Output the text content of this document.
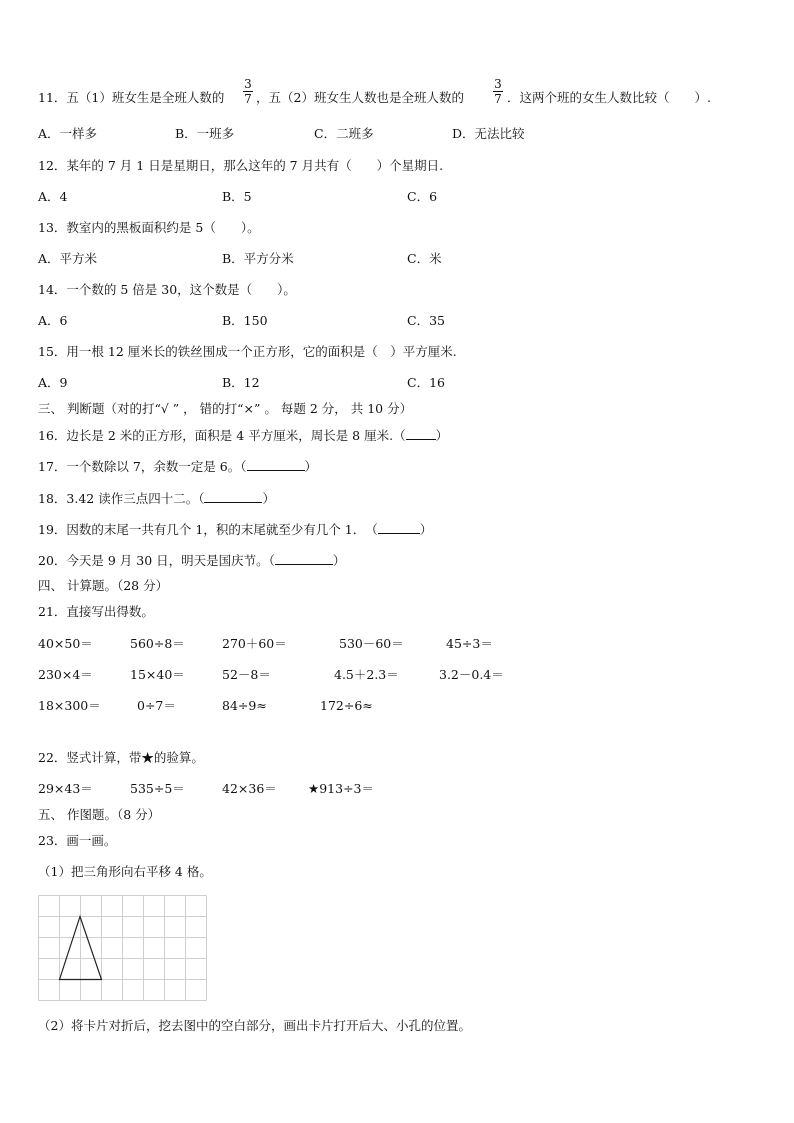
11．五（1）班女生是全班人数的
3
7 ，五（2）班女生人数也是全班人数的
3
7 ．这两个班的女生人数比较（　　）.
A．一样多	B．一班多	C．二班多	D．无法比较
12．某年的 7 月 1 日是星期日，那么这年的 7 月共有（　　）个星期日.
A．4	B．5	C．6
13．教室内的黑板面积约是 5（　　）。
A．平方米	B．平方分米	C．米
14．一个数的 5 倍是 30，这个数是（　　）。
A．6	B．150	C．35
15．用一根 12 厘米长的铁丝围成一个正方形，它的面积是（　）平方厘米.
A．9	B．12	C．16
三、 判断题（对的打“√ ” ， 错的打“×” 。 每题 2 分， 共 10 分）
16．边长是 2 米的正方形，面积是 4 平方厘米，周长是 8 厘米.（ ）
17．一个数除以 7，余数一定是 6。（	）
18．3.42 读作三点四十二。（	）
19．因数的末尾一共有几个 1，积的末尾就至少有几个 1．　（	）
20．今天是 9 月 30 日，明天是国庆节。（	）
四、 计算题。（28 分）
21．直接写出得数。
40×50＝	560÷8＝	270＋60＝	530－60＝	45÷3＝
230×4＝	15×40＝	52－8＝	4.5＋2.3＝	3.2－0.4＝
18×300＝	0÷7＝	84÷9≈	172÷6≈
22．竖式计算，带★的验算。
29×43＝	535÷5＝	42×36＝ ★913÷3＝
五、 作图题。（8 分）
23．画一画。
（1）把三角形向右平移 4 格。
（2）将卡片对折后，挖去图中的空白部分，画出卡片打开后大、小孔的位置。
